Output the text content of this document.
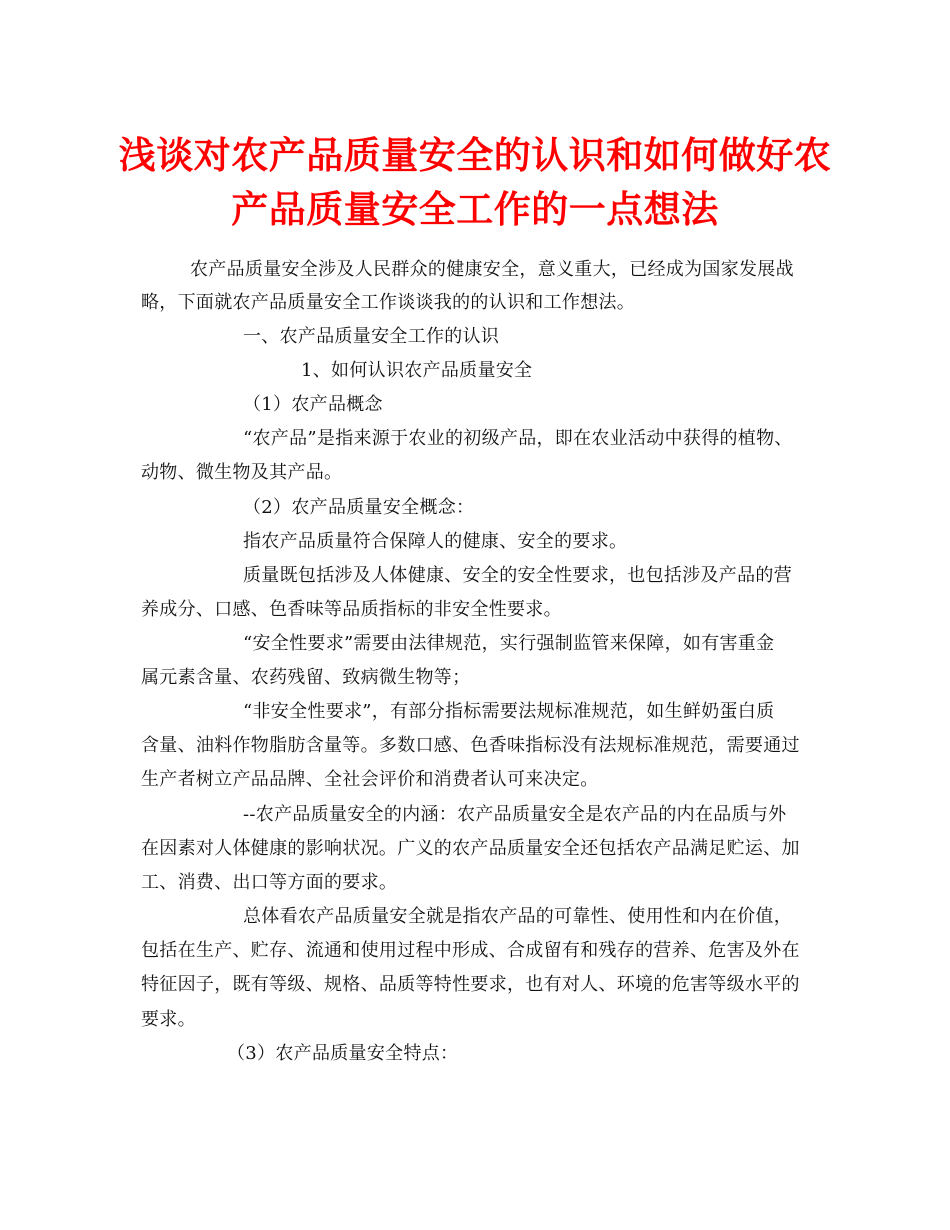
浅谈对农产品质量安全的认识和如何做好农
产品质量安全工作的一点想法
农产品质量安全涉及人民群众的健康安全，意义重大，已经成为国家发展战
略，下面就农产品质量安全工作谈谈我的的认识和工作想法。
一、农产品质量安全工作的认识
1、如何认识农产品质量安全
（1）农产品概念
“农产品”是指来源于农业的初级产品，即在农业活动中获得的植物、
动物、微生物及其产品。
（2）农产品质量安全概念：
指农产品质量符合保障人的健康、安全的要求。
质量既包括涉及人体健康、安全的安全性要求，也包括涉及产品的营
养成分、口感、色香味等品质指标的非安全性要求。
“安全性要求”需要由法律规范，实行强制监管来保障，如有害重金
属元素含量、农药残留、致病微生物等；
“非安全性要求”，有部分指标需要法规标准规范，如生鲜奶蛋白质
含量、油料作物脂肪含量等。多数口感、色香味指标没有法规标准规范，需要通过
生产者树立产品品牌、全社会评价和消费者认可来决定。
--农产品质量安全的内涵：农产品质量安全是农产品的内在品质与外
在因素对人体健康的影响状况。广义的农产品质量安全还包括农产品满足贮运、加
工、消费、出口等方面的要求。
总体看农产品质量安全就是指农产品的可靠性、使用性和内在价值，
包括在生产、贮存、流通和使用过程中形成、合成留有和残存的营养、危害及外在
特征因子，既有等级、规格、品质等特性要求，也有对人、环境的危害等级水平的
要求。
（3）农产品质量安全特点：
